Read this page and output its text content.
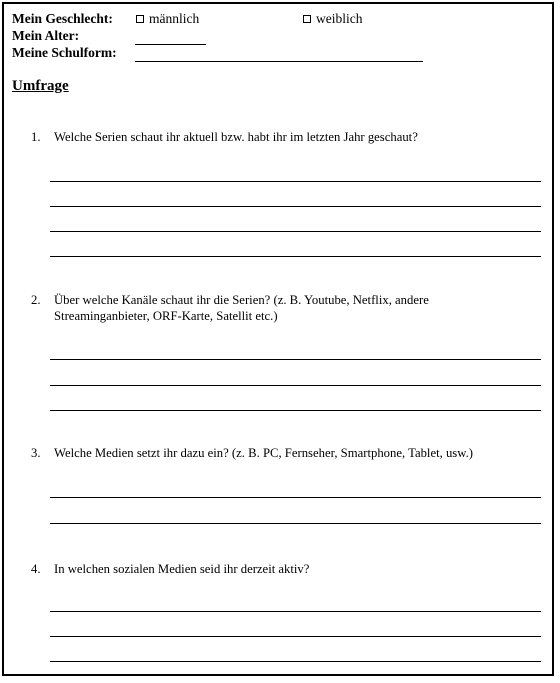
Mein Geschlecht:	männlich	weiblich
Mein Alter:
Meine Schulform:
Umfrage
1. Welche Serien schaut ihr aktuell bzw. habt ihr im letzten Jahr geschaut?
2. Über welche Kanäle schaut ihr die Serien? (z. B. Youtube, Netflix, andere
Streaminganbieter, ORF-Karte, Satellit etc.)
3. Welche Medien setzt ihr dazu ein? (z. B. PC, Fernseher, Smartphone, Tablet, usw.)
4. In welchen sozialen Medien seid ihr derzeit aktiv?
